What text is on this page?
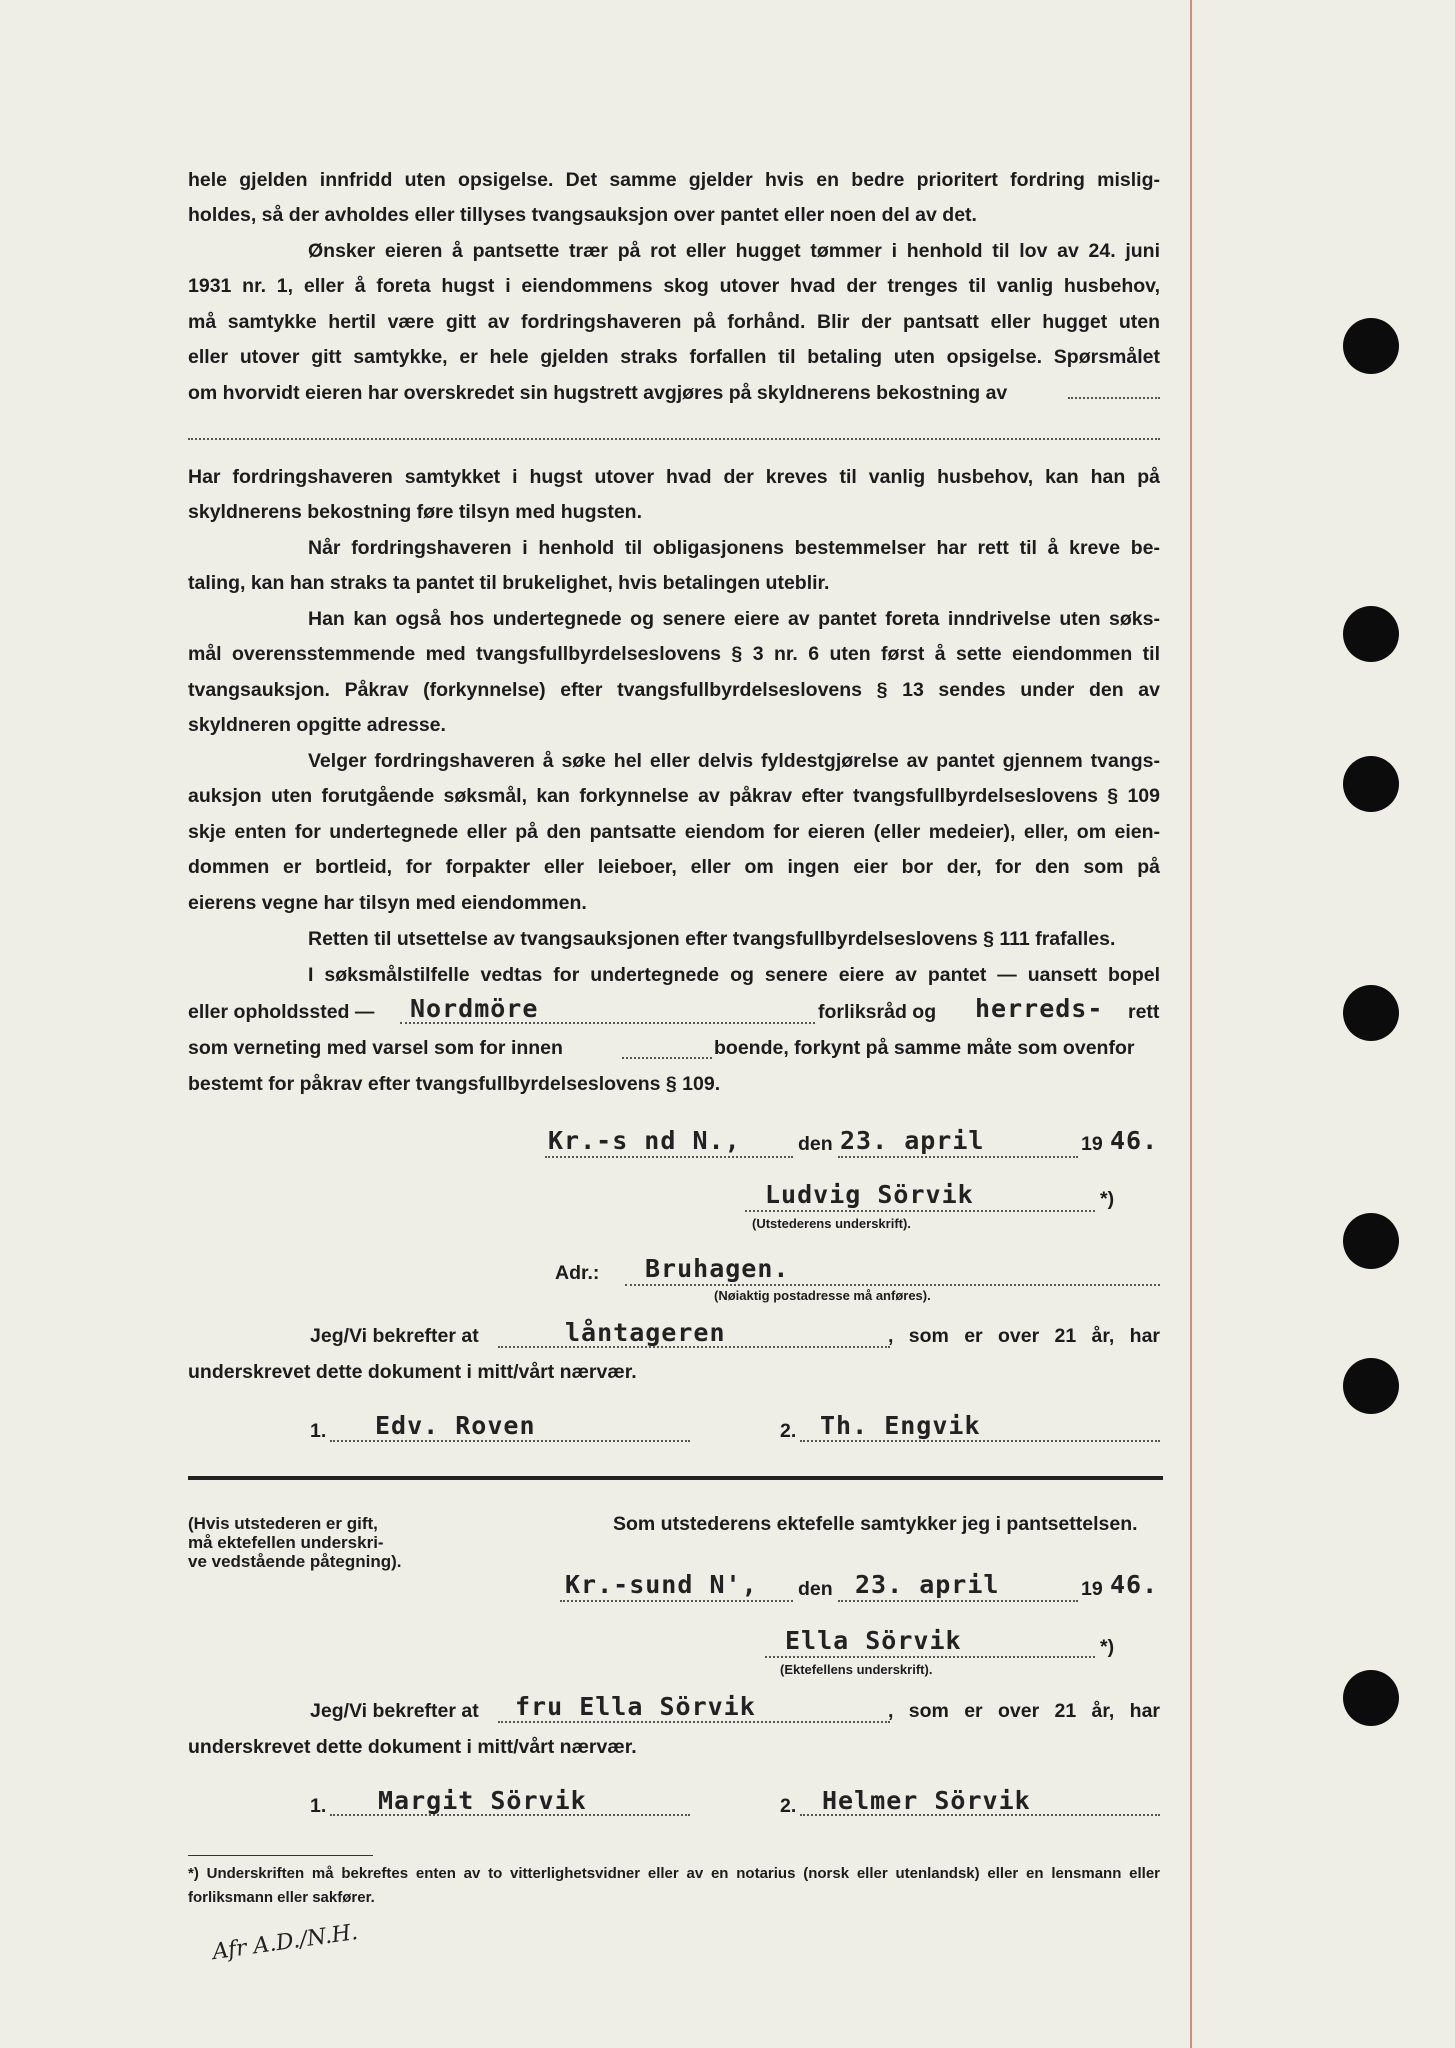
hele gjelden innfridd uten opsigelse. Det samme gjelder hvis en bedre prioritert fordring mislig-
holdes, så der avholdes eller tillyses tvangsauksjon over pantet eller noen del av det.
Ønsker eieren å pantsette trær på rot eller hugget tømmer i henhold til lov av 24. juni
1931 nr. 1, eller å foreta hugst i eiendommens skog utover hvad der trenges til vanlig husbehov,
må samtykke hertil være gitt av fordringshaveren på forhånd. Blir der pantsatt eller hugget uten
eller utover gitt samtykke, er hele gjelden straks forfallen til betaling uten opsigelse. Spørsmålet
om hvorvidt eieren har overskredet sin hugstrett avgjøres på skyldnerens bekostning av
Har fordringshaveren samtykket i hugst utover hvad der kreves til vanlig husbehov, kan han på
skyldnerens bekostning føre tilsyn med hugsten.
Når fordringshaveren i henhold til obligasjonens bestemmelser har rett til å kreve be-
taling, kan han straks ta pantet til brukelighet, hvis betalingen uteblir.
Han kan også hos undertegnede og senere eiere av pantet foreta inndrivelse uten søks-
mål overensstemmende med tvangsfullbyrdelseslovens § 3 nr. 6 uten først å sette eiendommen til
tvangsauksjon. Påkrav (forkynnelse) efter tvangsfullbyrdelseslovens § 13 sendes under den av
skyldneren opgitte adresse.
Velger fordringshaveren å søke hel eller delvis fyldestgjørelse av pantet gjennem tvangs-
auksjon uten forutgående søksmål, kan forkynnelse av påkrav efter tvangsfullbyrdelseslovens § 109
skje enten for undertegnede eller på den pantsatte eiendom for eieren (eller medeier), eller, om eien-
dommen er bortleid, for forpakter eller leieboer, eller om ingen eier bor der, for den som på
eierens vegne har tilsyn med eiendommen.
Retten til utsettelse av tvangsauksjonen efter tvangsfullbyrdelseslovens § 111 frafalles.
I søksmålstilfelle vedtas for undertegnede og senere eiere av pantet — uansett bopel
eller opholdssted — Nordmöre	forliksråd og herreds- rett
som verneting med varsel som for innen	boende, forkynt på samme måte som ovenfor
bestemt for påkrav efter tvangsfullbyrdelseslovens § 109.
Kr.-s nd N.,	den 23. april	19 46.
Ludvig Sörvik	*)
(Utstederens underskrift).
Adr.: Bruhagen.
(Nøiaktig postadresse må anføres).
Jeg/Vi bekrefter at	låntageren	, som er over 21 år, har
underskrevet dette dokument i mitt/vårt nærvær.
1. Edv. Roven	2. Th. Engvik
(Hvis utstederen er gift,
må ektefellen underskri-
ve vedstående påtegning).
Som utstederens ektefelle samtykker jeg i pantsettelsen.
Kr.-sund N', den 23. april	19 46.
Ella Sörvik	*)
(Ektefellens underskrift).
Jeg/Vi bekrefter at fru Ella Sörvik	, som er over 21 år, har
underskrevet dette dokument i mitt/vårt nærvær.
1. Margit Sörvik	2. Helmer Sörvik

*) Underskriften må bekreftes enten av to vitterlighetsvidner eller av en notarius (norsk eller utenlandsk) eller en lensmann eller forliksmann eller sakfører.

Afr A.D./N.H.
